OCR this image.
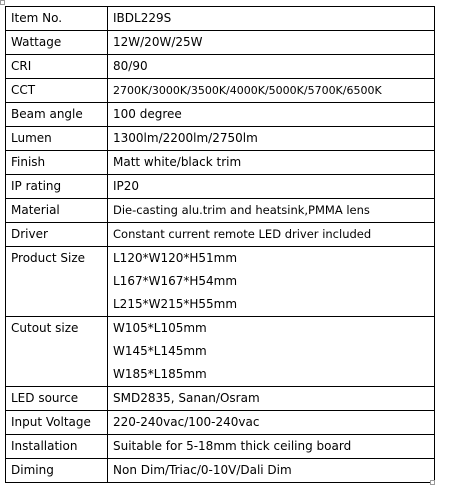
Item No.	IBDL229S

Wattage	12W/20W/25W

CRI	80/90

CCT	2700K/3000K/3500K/4000K/5000K/5700K/6500K

Beam angle	100 degree

Lumen	1300lm/2200lm/2750lm

Finish	Matt white/black trim

IP rating	IP20

Material	Die-casting alu.trim and heatsink,PMMA lens

Driver	Constant current remote LED driver included

Product Size	L120*W120*H51mm
L167*W167*H54mm
L215*W215*H55mm

Cutout size	W105*L105mm
W145*L145mm
W185*L185mm

LED source	SMD2835, Sanan/Osram

Input Voltage	220-240vac/100-240vac

Installation	Suitable for 5-18mm thick ceiling board

Diming	Non Dim/Triac/0-10V/Dali Dim
